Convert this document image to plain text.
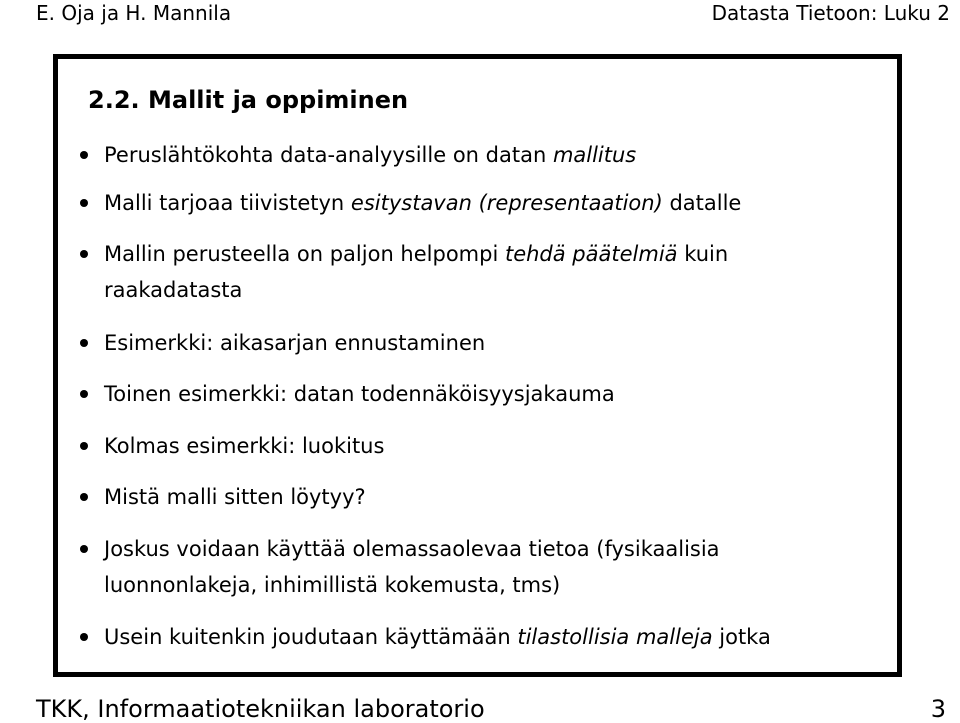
E. Oja ja H. Mannila	Datasta Tietoon: Luku 2
2.2. Mallit ja oppiminen
Peruslähtökohta data-analyysille on datan mallitus
Malli tarjoaa tiivistetyn esitystavan (representaation) datalle
Mallin perusteella on paljon helpompi tehdä päätelmiä kuin
raakadatasta
Esimerkki: aikasarjan ennustaminen
Toinen esimerkki: datan todennäköisyysjakauma
Kolmas esimerkki: luokitus
Mistä malli sitten löytyy?
Joskus voidaan käyttää olemassaolevaa tietoa (fysikaalisia
luonnonlakeja, inhimillistä kokemusta, tms)
Usein kuitenkin joudutaan käyttämään tilastollisia malleja jotka
TKK, Informaatiotekniikan laboratorio	3
